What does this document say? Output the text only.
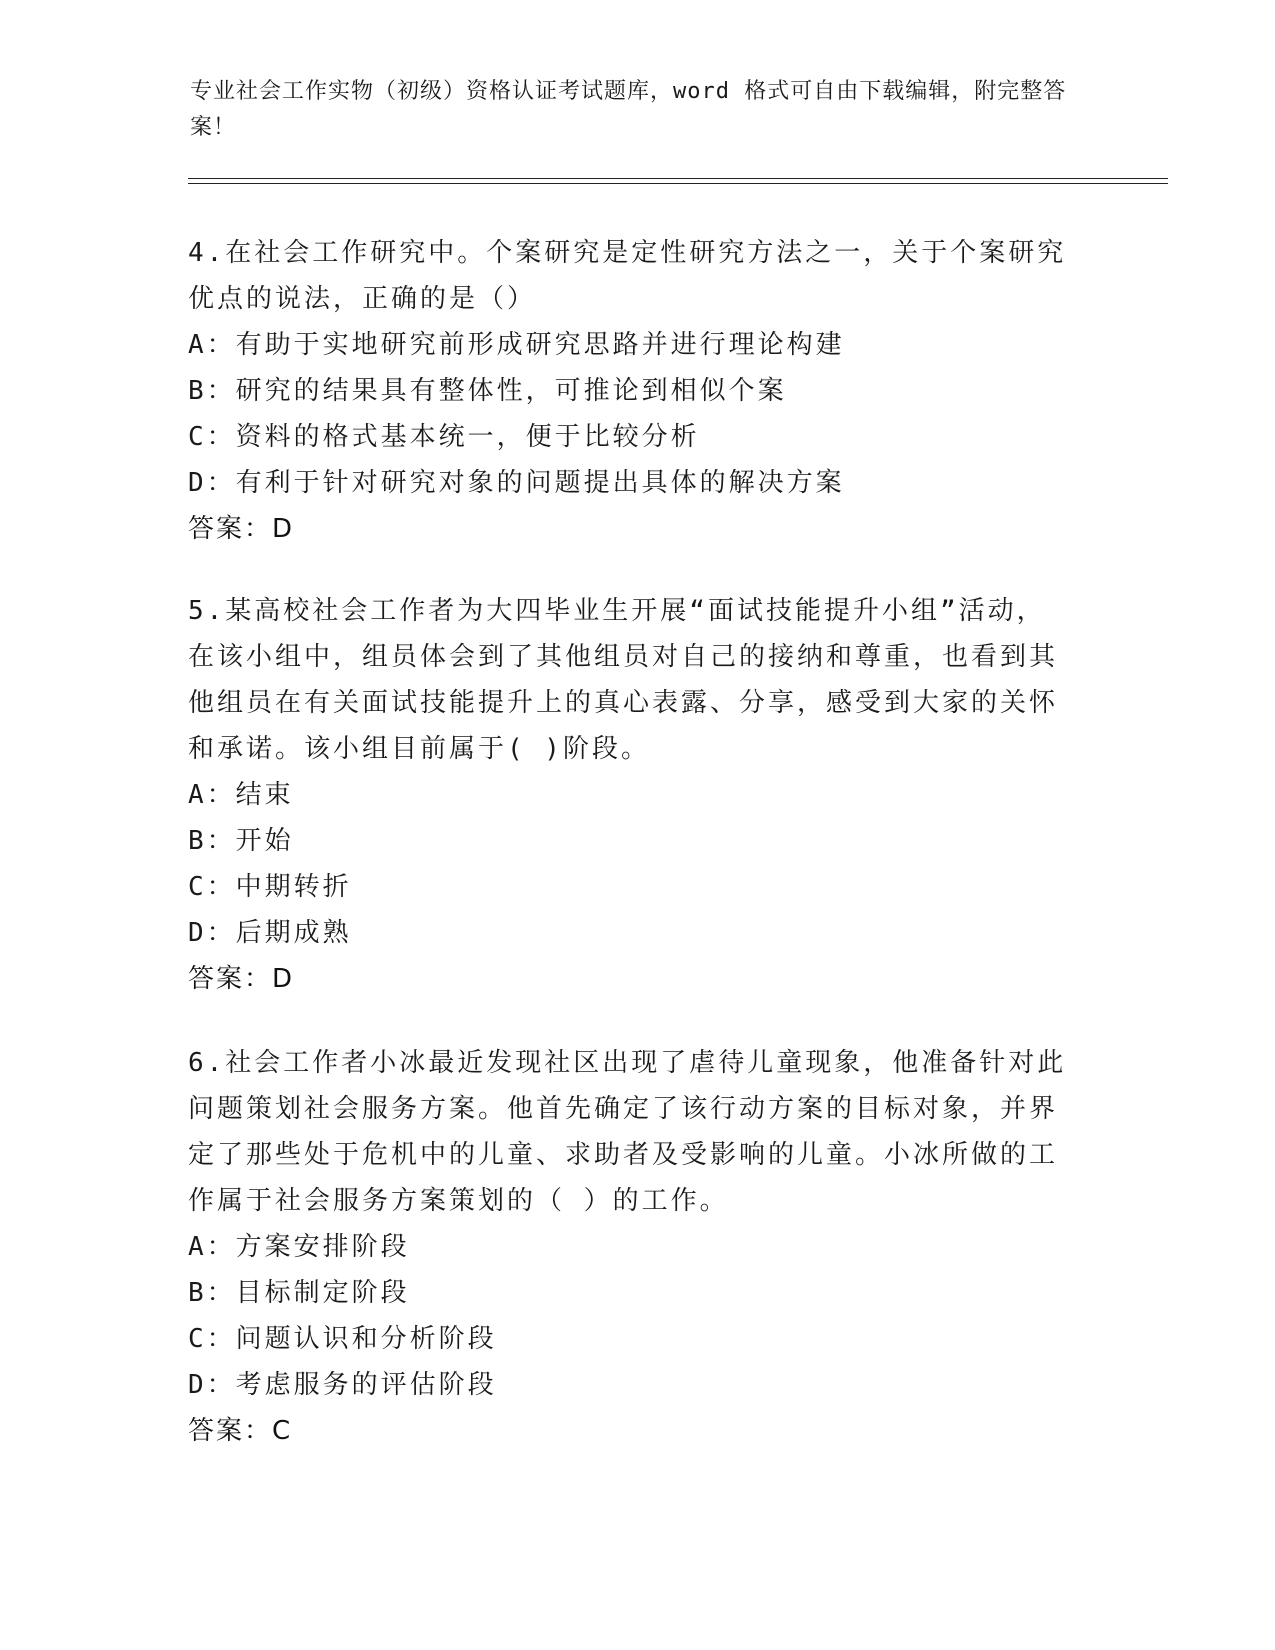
专业社会工作实物（初级）资格认证考试题库，word 格式可自由下载编辑，附完整答案！

4.在社会工作研究中。个案研究是定性研究方法之一，关于个案研究优点的说法，正确的是（）

A：有助于实地研究前形成研究思路并进行理论构建

B：研究的结果具有整体性，可推论到相似个案

C：资料的格式基本统一，便于比较分析

D：有利于针对研究对象的问题提出具体的解决方案

答案：D

5.某高校社会工作者为大四毕业生开展“面试技能提升小组”活动，在该小组中，组员体会到了其他组员对自己的接纳和尊重，也看到其他组员在有关面试技能提升上的真心表露、分享，感受到大家的关怀和承诺。该小组目前属于( )阶段。

A：结束

B：开始

C：中期转折

D：后期成熟

答案：D

6.社会工作者小冰最近发现社区出现了虐待儿童现象，他准备针对此问题策划社会服务方案。他首先确定了该行动方案的目标对象，并界定了那些处于危机中的儿童、求助者及受影响的儿童。小冰所做的工作属于社会服务方案策划的（ ）的工作。

A：方案安排阶段

B：目标制定阶段

C：问题认识和分析阶段

D：考虑服务的评估阶段

答案：C
